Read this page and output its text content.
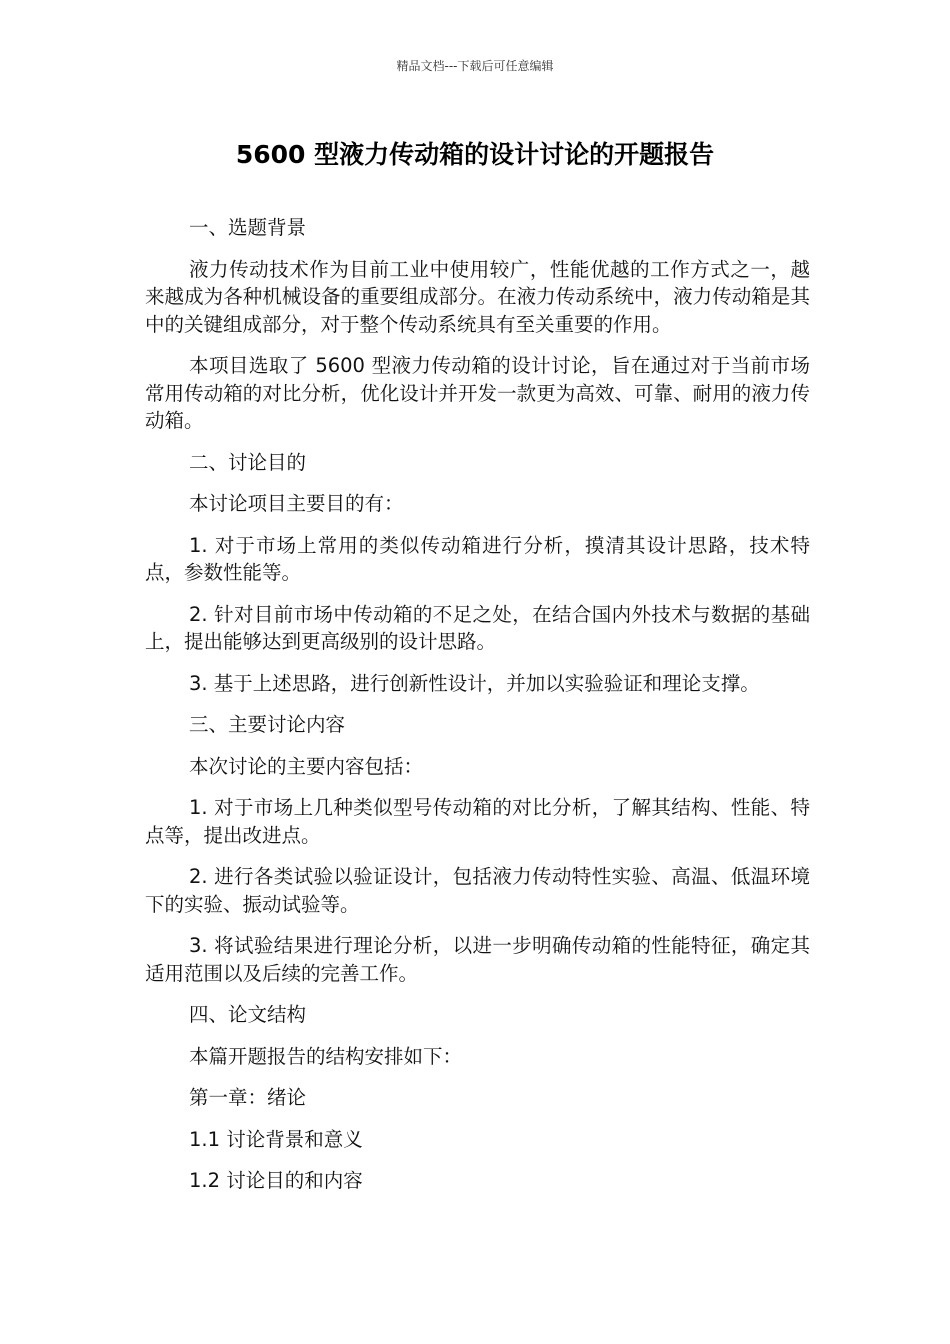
精品文档---下载后可任意编辑
5600 型液力传动箱的设计讨论的开题报告

一、选题背景

液力传动技术作为目前工业中使用较广，性能优越的工作方式之一，越来越成为各种机械设备的重要组成部分。在液力传动系统中，液力传动箱是其中的关键组成部分，对于整个传动系统具有至关重要的作用。

本项目选取了 5600 型液力传动箱的设计讨论，旨在通过对于当前市场常用传动箱的对比分析，优化设计并开发一款更为高效、可靠、耐用的液力传动箱。

二、讨论目的

本讨论项目主要目的有：

1. 对于市场上常用的类似传动箱进行分析，摸清其设计思路，技术特点，参数性能等。

2. 针对目前市场中传动箱的不足之处，在结合国内外技术与数据的基础上，提出能够达到更高级别的设计思路。

3. 基于上述思路，进行创新性设计，并加以实验验证和理论支撑。

三、主要讨论内容

本次讨论的主要内容包括：

1. 对于市场上几种类似型号传动箱的对比分析，了解其结构、性能、特点等，提出改进点。

2. 进行各类试验以验证设计，包括液力传动特性实验、高温、低温环境下的实验、振动试验等。

3. 将试验结果进行理论分析，以进一步明确传动箱的性能特征，确定其适用范围以及后续的完善工作。

四、论文结构

本篇开题报告的结构安排如下：

第一章：绪论

1.1 讨论背景和意义

1.2 讨论目的和内容
